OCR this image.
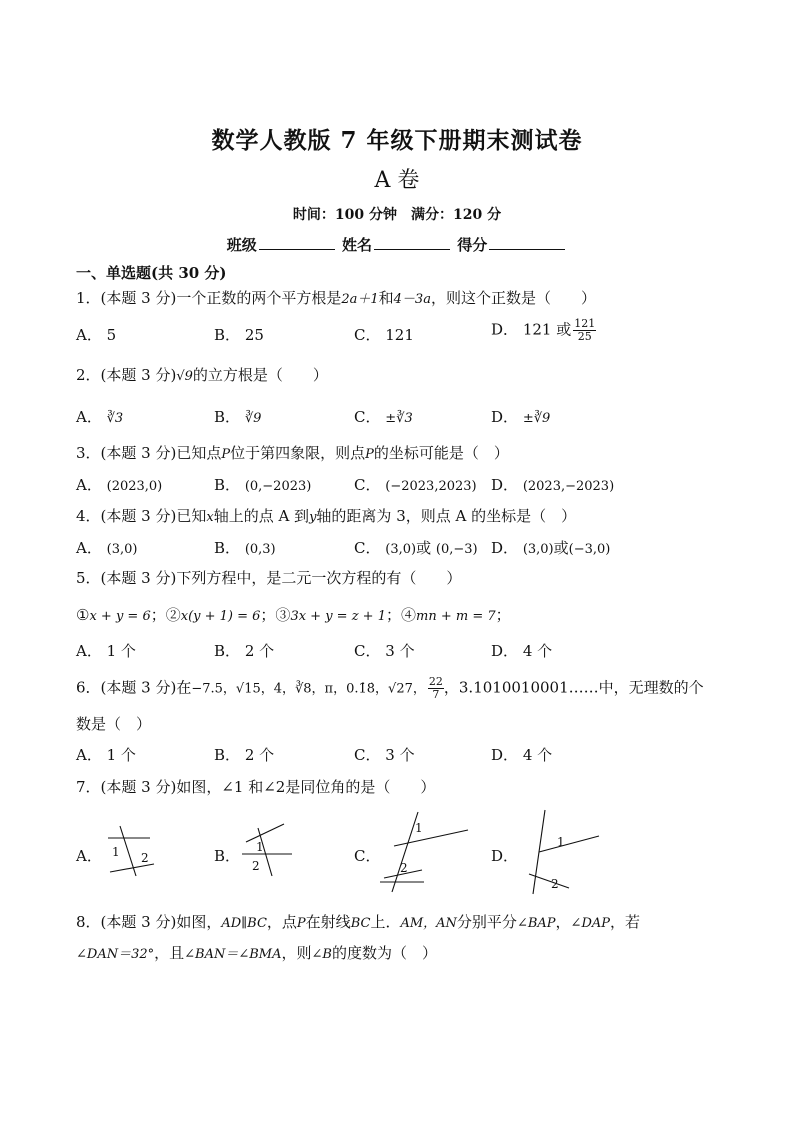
数学人教版 7 年级下册期末测试卷
A 卷
时间：100 分钟　满分：120 分
班级	姓名	得分
一、单选题(共 30 分)
1．(本题 3 分)一个正数的两个平方根是2a＋1和4－3a，则这个正数是（　　）
A． 5	B． 25	C． 121	D． 121 或 $\frac{121}{25}$
2．(本题 3 分)√9的立方根是（　　）
A． ∛3	B． ∛9	C． ±∛3	D． ±∛9
3．(本题 3 分)已知点P位于第四象限，则点P的坐标可能是（　）
A． (2023,0)	B． (0,−2023)	C． (−2023,2023) D． (2023,−2023)
4．(本题 3 分)已知x轴上的点 A 到y轴的距离为 3，则点 A 的坐标是（　）
A． (3,0)	B． (0,3)	C． (3,0)或 (0,−3) D． (3,0)或(−3,0)
5．(本题 3 分)下列方程中，是二元一次方程的有（　　）
①x + y = 6；②x(y + 1) = 6；③3x + y = z + 1；④mn + m = 7；
A． 1 个	B． 2 个	C． 3 个	D． 4 个
6．(本题 3 分)在−7.5，√15，4，∛8，π，0.1̇8̇，√27， $\frac{22}{7}$ ，3.1010010001……中，无理数的个
数是（　）
A． 1 个	B． 2 个	C． 3 个	D． 4 个
7．(本题 3 分)如图，∠1 和∠2是同位角的是（　　）
A． 1 2	B． 1
2
C．
1
2
D．
1
2
8．(本题 3 分)如图，AD∥BC，点P在射线BC上．AM，AN分别平分∠BAP，∠DAP，若
∠DAN＝32°，且∠BAN＝∠BMA，则∠B的度数为（　）
